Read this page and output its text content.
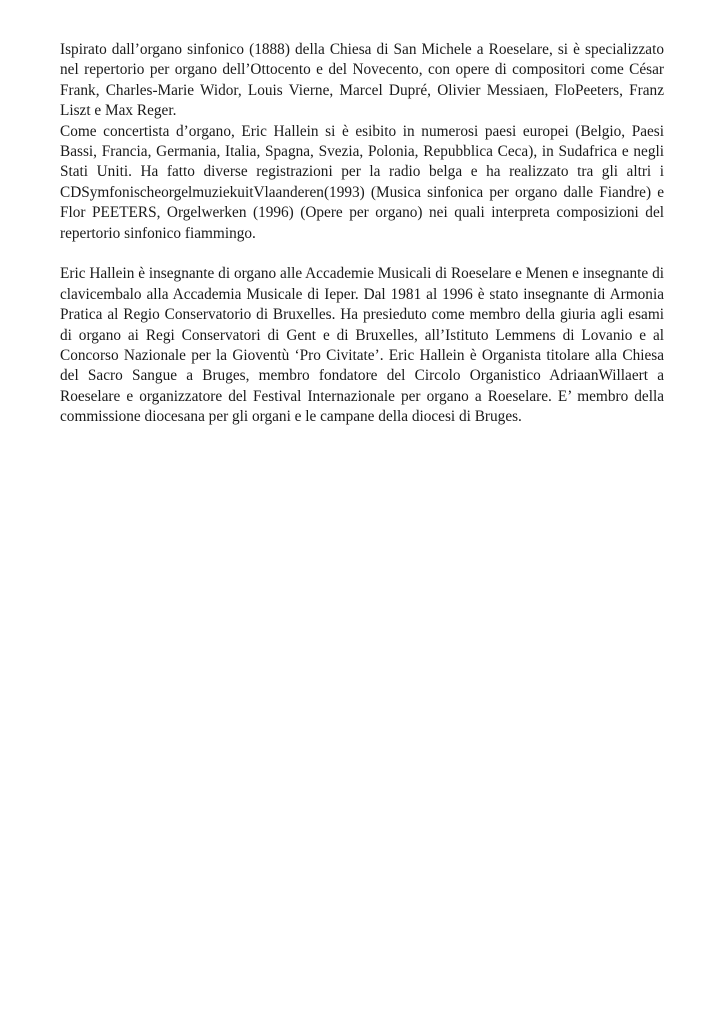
Ispirato dall’organo sinfonico (1888) della Chiesa di San Michele a Roeselare, si è specializzato nel repertorio per organo dell’Ottocento e del Novecento, con opere di compositori come César Frank, Charles-Marie Widor, Louis Vierne, Marcel Dupré, Olivier Messiaen, FloPeeters, Franz Liszt e Max Reger.

Come concertista d’organo, Eric Hallein si è esibito in numerosi paesi europei (Belgio, Paesi Bassi, Francia, Germania, Italia, Spagna, Svezia, Polonia, Repubblica Ceca), in Sudafrica e negli Stati Uniti. Ha fatto diverse registrazioni per la radio belga e ha realizzato tra gli altri i CDSymfonischeorgelmuziekuitVlaanderen(1993) (Musica sinfonica per organo dalle Fiandre) e Flor PEETERS, Orgelwerken (1996) (Opere per organo) nei quali interpreta composizioni del repertorio sinfonico fiammingo.

Eric Hallein è insegnante di organo alle Accademie Musicali di Roeselare e Menen e insegnante di clavicembalo alla Accademia Musicale di Ieper. Dal 1981 al 1996 è stato insegnante di Armonia Pratica al Regio Conservatorio di Bruxelles. Ha presieduto come membro della giuria agli esami di organo ai Regi Conservatori di Gent e di Bruxelles, all’Istituto Lemmens di Lovanio e al Concorso Nazionale per la Gioventù ‘Pro Civitate’. Eric Hallein è Organista titolare alla Chiesa del Sacro Sangue a Bruges, membro fondatore del Circolo Organistico AdriaanWillaert a Roeselare e organizzatore del Festival Internazionale per organo a Roeselare. E’ membro della commissione diocesana per gli organi e le campane della diocesi di Bruges.
